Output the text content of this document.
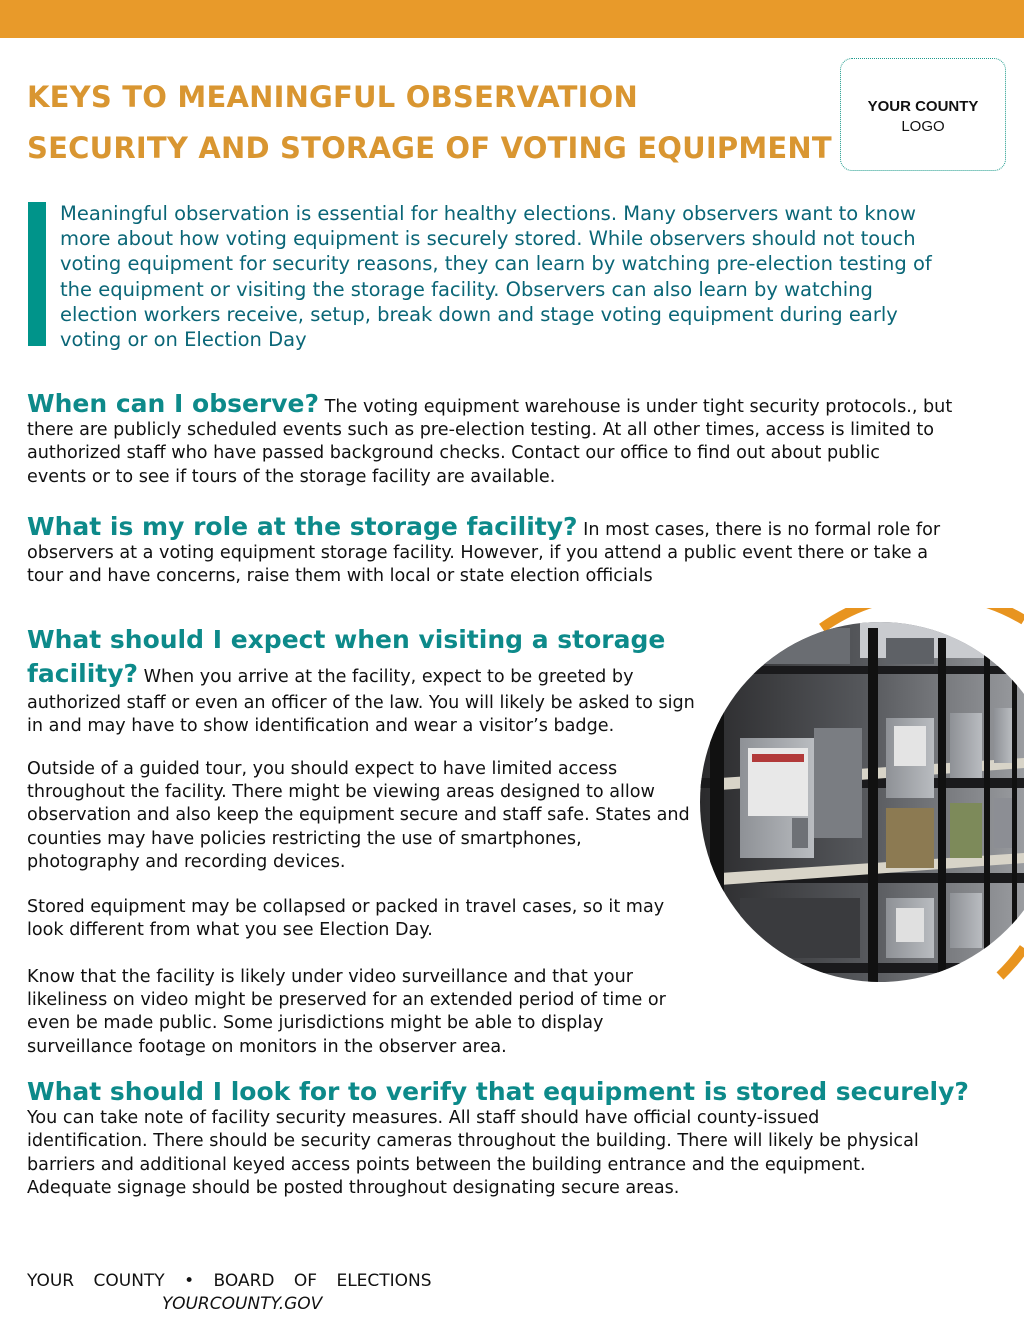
KEYS TO MEANINGFUL OBSERVATION
SECURITY AND STORAGE OF VOTING EQUIPMENT
YOUR COUNTY
LOGO
Meaningful observation is essential for healthy elections. Many observers want to know
more about how voting equipment is securely stored. While observers should not touch
voting equipment for security reasons, they can learn by watching pre-election testing of
the equipment or visiting the storage facility. Observers can also learn by watching
election workers receive, setup, break down and stage voting equipment during early
voting or on Election Day
When can I observe? The voting equipment warehouse is under tight security protocols., but
there are publicly scheduled events such as pre-election testing. At all other times, access is limited to
authorized staff who have passed background checks. Contact our office to find out about public
events or to see if tours of the storage facility are available.
What is my role at the storage facility? In most cases, there is no formal role for
observers at a voting equipment storage facility. However, if you attend a public event there or take a
tour and have concerns, raise them with local or state election officials
What should I expect when visiting a storage
facility? When you arrive at the facility, expect to be greeted by
authorized staff or even an officer of the law. You will likely be asked to sign
in and may have to show identification and wear a visitor’s badge.
Outside of a guided tour, you should expect to have limited access
throughout the facility. There might be viewing areas designed to allow
observation and also keep the equipment secure and staff safe. States and
counties may have policies restricting the use of smartphones,
photography and recording devices.
Stored equipment may be collapsed or packed in travel cases, so it may
look different from what you see Election Day.
Know that the facility is likely under video surveillance and that your
likeliness on video might be preserved for an extended period of time or
even be made public. Some jurisdictions might be able to display
surveillance footage on monitors in the observer area.
What should I look for to verify that equipment is stored securely?
You can take note of facility security measures. All staff should have official county-issued
identification. There should be security cameras throughout the building. There will likely be physical
barriers and additional keyed access points between the building entrance and the equipment.
Adequate signage should be posted throughout designating secure areas.
YOUR COUNTY • BOARD OF ELECTIONS
YOURCOUNTY.GOV
